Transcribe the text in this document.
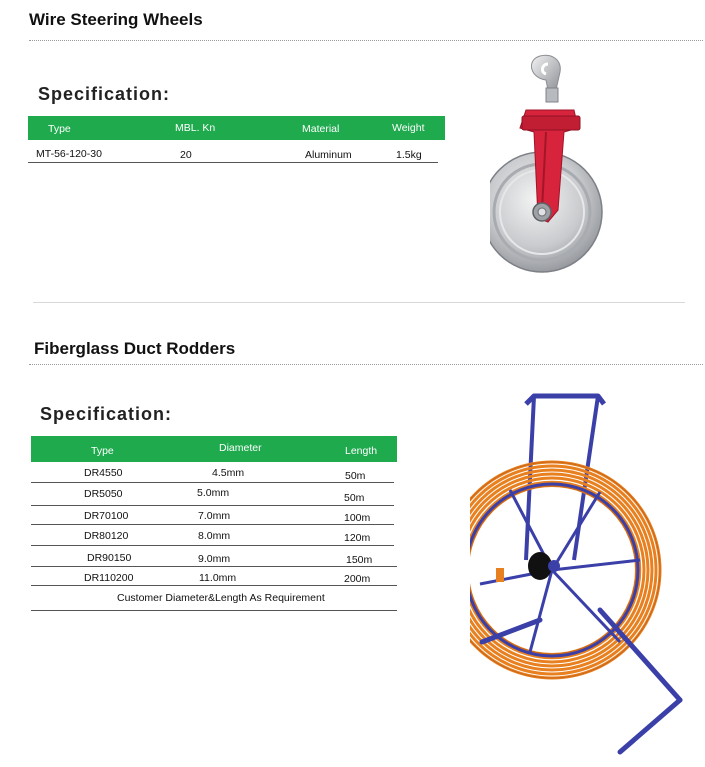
Wire Steering Wheels
Specification:
Type	MBL. Kn	Material	Weight
MT-56-120-30	20	Aluminum	1.5kg
Fiberglass Duct Rodders
Specification:
Type	Diameter	Length
DR4550	4.5mm	50m
DR5050	5.0mm	50m
DR70100	7.0mm	100m
DR80120	8.0mm	120m
DR90150	9.0mm	150m
DR110200	11.0mm	200m
Customer Diameter&Length As Requirement
